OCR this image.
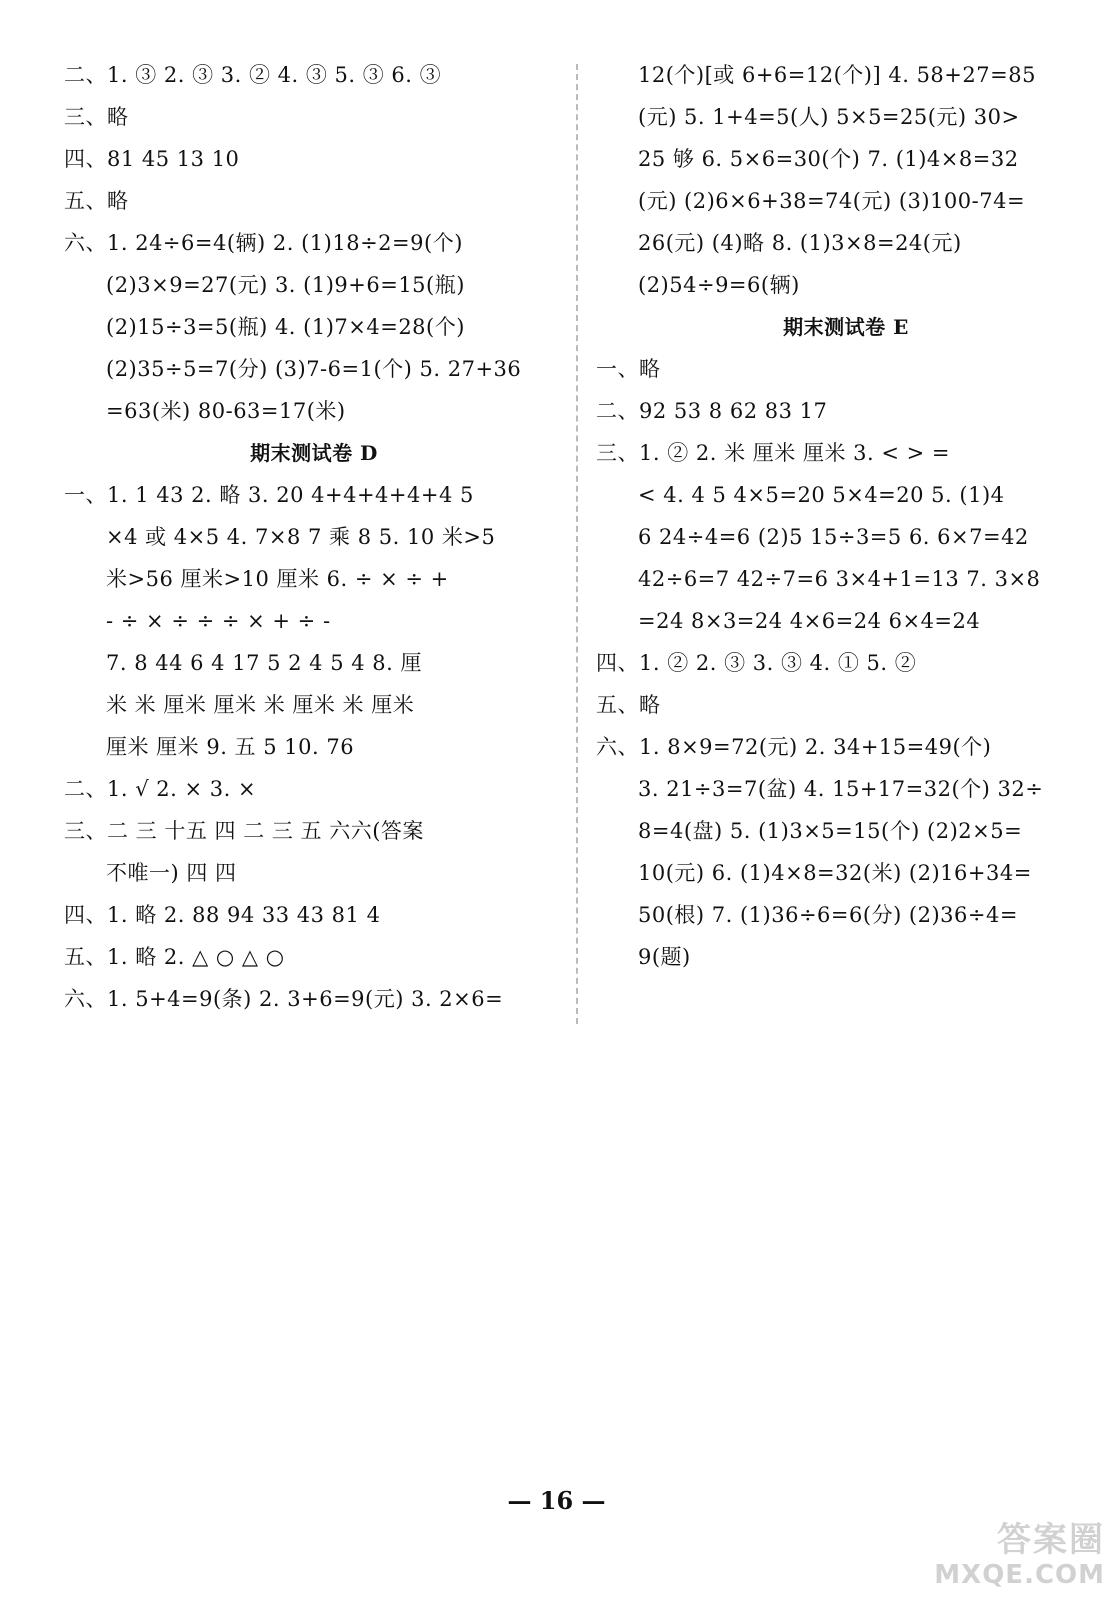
二、1. ③ 2. ③ 3. ② 4. ③ 5. ③ 6. ③
三、略
四、81 45 13 10
五、略
六、1. 24÷6=4(辆) 2. (1)18÷2=9(个)
(2)3×9=27(元) 3. (1)9+6=15(瓶)
(2)15÷3=5(瓶) 4. (1)7×4=28(个)
(2)35÷5=7(分) (3)7-6=1(个) 5. 27+36
=63(米) 80-63=17(米)
期末测试卷 D
一、1. 1 43 2. 略 3. 20 4+4+4+4+4 5
×4 或 4×5 4. 7×8 7 乘 8 5. 10 米>5
米>56 厘米>10 厘米 6. ÷ × ÷ +
- ÷ × ÷ ÷ ÷ × + ÷ -
7. 8 44 6 4 17 5 2 4 5 4 8. 厘
米 米 厘米 厘米 米 厘米 米 厘米
厘米 厘米 9. 五 5 10. 76
二、1. √ 2. × 3. ×
三、二 三 十五 四 二 三 五 六六(答案
不唯一) 四 四
四、1. 略 2. 88 94 33 43 81 4
五、1. 略 2. △ ○ △ ○
六、1. 5+4=9(条) 2. 3+6=9(元) 3. 2×6=
12(个)[或 6+6=12(个)] 4. 58+27=85
(元) 5. 1+4=5(人) 5×5=25(元) 30>
25 够 6. 5×6=30(个) 7. (1)4×8=32
(元) (2)6×6+38=74(元) (3)100-74=
26(元) (4)略 8. (1)3×8=24(元)
(2)54÷9=6(辆)
期末测试卷 E
一、略
二、92 53 8 62 83 17
三、1. ② 2. 米 厘米 厘米 3. < > =
< 4. 4 5 4×5=20 5×4=20 5. (1)4
6 24÷4=6 (2)5 15÷3=5 6. 6×7=42
42÷6=7 42÷7=6 3×4+1=13 7. 3×8
=24 8×3=24 4×6=24 6×4=24
四、1. ② 2. ③ 3. ③ 4. ① 5. ②
五、略
六、1. 8×9=72(元) 2. 34+15=49(个)
3. 21÷3=7(盆) 4. 15+17=32(个) 32÷
8=4(盘) 5. (1)3×5=15(个) (2)2×5=
10(元) 6. (1)4×8=32(米) (2)16+34=
50(根) 7. (1)36÷6=6(分) (2)36÷4=
9(题)
— 16 —
答案圈
MXQE.COM
